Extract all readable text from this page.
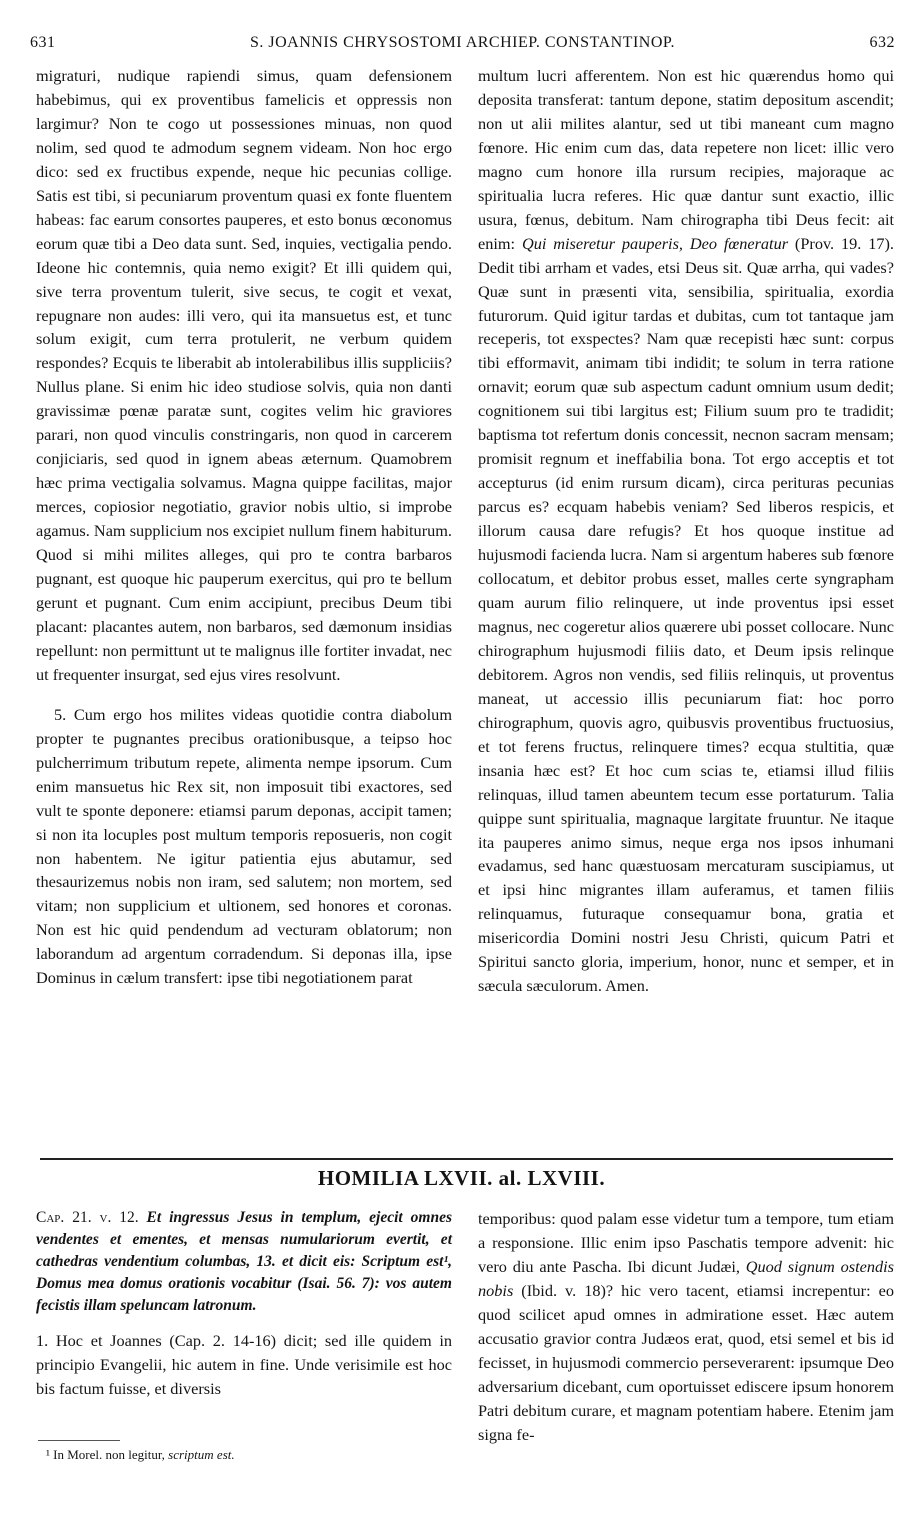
631	S. JOANNIS CHRYSOSTOMI ARCHIEP. CONSTANTINOP.	632

migraturi, nudique rapiendi simus, quam defensionem habebimus, qui ex proventibus famelicis et oppressis non largimur? Non te cogo ut possessiones minuas, non quod nolim, sed quod te admodum segnem videam. Non hoc ergo dico: sed ex fructibus expende, neque hic pecunias collige. Satis est tibi, si pecuniarum proventum quasi ex fonte fluentem habeas: fac earum consortes pauperes, et esto bonus œconomus eorum quæ tibi a Deo data sunt. Sed, inquies, vectigalia pendo. Ideone hic contemnis, quia nemo exigit? Et illi quidem qui, sive terra proventum tulerit, sive secus, te cogit et vexat, repugnare non audes: illi vero, qui ita mansuetus est, et tunc solum exigit, cum terra protulerit, ne verbum quidem respondes? Ecquis te liberabit ab intolerabilibus illis suppliciis? Nullus plane. Si enim hic ideo studiose solvis, quia non danti gravissimæ pœnæ paratæ sunt, cogites velim hic graviores parari, non quod vinculis constringaris, non quod in carcerem conjiciaris, sed quod in ignem abeas æternum. Quamobrem hæc prima vectigalia solvamus. Magna quippe facilitas, major merces, copiosior negotiatio, gravior nobis ultio, si improbe agamus. Nam supplicium nos excipiet nullum finem habiturum. Quod si mihi milites alleges, qui pro te contra barbaros pugnant, est quoque hic pauperum exercitus, qui pro te bellum gerunt et pugnant. Cum enim accipiunt, precibus Deum tibi placant: placantes autem, non barbaros, sed dæmonum insidias repellunt: non permittunt ut te malignus ille fortiter invadat, nec ut frequenter insurgat, sed ejus vires resolvunt.

5. Cum ergo hos milites videas quotidie contra diabolum propter te pugnantes precibus orationibusque, a teipso hoc pulcherrimum tributum repete, alimenta nempe ipsorum. Cum enim mansuetus hic Rex sit, non imposuit tibi exactores, sed vult te sponte deponere: etiamsi parum deponas, accipit tamen; si non ita locuples post multum temporis reposueris, non cogit non habentem. Ne igitur patientia ejus abutamur, sed thesaurizemus nobis non iram, sed salutem; non mortem, sed vitam; non supplicium et ultionem, sed honores et coronas. Non est hic quid pendendum ad vecturam oblatorum; non laborandum ad argentum corradendum. Si deponas illa, ipse Dominus in cælum transfert: ipse tibi negotiationem parat

multum lucri afferentem. Non est hic quærendus homo qui deposita transferat: tantum depone, statim depositum ascendit; non ut alii milites alantur, sed ut tibi maneant cum magno fœnore. Hic enim cum das, data repetere non licet: illic vero magno cum honore illa rursum recipies, majoraque ac spiritualia lucra referes. Hic quæ dantur sunt exactio, illic usura, fœnus, debitum. Nam chirographa tibi Deus fecit: ait enim: Qui miseretur pauperis, Deo fœneratur (Prov. 19. 17). Dedit tibi arrham et vades, etsi Deus sit. Quæ arrha, qui vades? Quæ sunt in præsenti vita, sensibilia, spiritualia, exordia futurorum. Quid igitur tardas et dubitas, cum tot tantaque jam receperis, tot exspectes? Nam quæ recepisti hæc sunt: corpus tibi efformavit, animam tibi indidit; te solum in terra ratione ornavit; eorum quæ sub aspectum cadunt omnium usum dedit; cognitionem sui tibi largitus est; Filium suum pro te tradidit; baptisma tot refertum donis concessit, necnon sacram mensam; promisit regnum et ineffabilia bona. Tot ergo acceptis et tot accepturus (id enim rursum dicam), circa perituras pecunias parcus es? ecquam habebis veniam? Sed liberos respicis, et illorum causa dare refugis? Et hos quoque institue ad hujusmodi facienda lucra. Nam si argentum haberes sub fœnore collocatum, et debitor probus esset, malles certe syngrapham quam aurum filio relinquere, ut inde proventus ipsi esset magnus, nec cogeretur alios quærere ubi posset collocare. Nunc chirographum hujusmodi filiis dato, et Deum ipsis relinque debitorem. Agros non vendis, sed filiis relinquis, ut proventus maneat, ut accessio illis pecuniarum fiat: hoc porro chirographum, quovis agro, quibusvis proventibus fructuosius, et tot ferens fructus, relinquere times? ecqua stultitia, quæ insania hæc est? Et hoc cum scias te, etiamsi illud filiis relinquas, illud tamen abeuntem tecum esse portaturum. Talia quippe sunt spiritualia, magnaque largitate fruuntur. Ne itaque ita pauperes animo simus, neque erga nos ipsos inhumani evadamus, sed hanc quæstuosam mercaturam suscipiamus, ut et ipsi hinc migrantes illam auferamus, et tamen filiis relinquamus, futuraque consequamur bona, gratia et misericordia Domini nostri Jesu Christi, quicum Patri et Spiritui sancto gloria, imperium, honor, nunc et semper, et in sæcula sæculorum. Amen.

HOMILIA LXVII. al. LXVIII.

Cap. 21. v. 12. Et ingressus Jesus in templum, ejecit omnes vendentes et ementes, et mensas numulariorum evertit, et cathedras vendentium columbas, 13. et dicit eis: Scriptum est¹, Domus mea domus orationis vocabitur (Isai. 56. 7): vos autem fecistis illam speluncam latronum.

1. Hoc et Joannes (Cap. 2. 14-16) dicit; sed ille quidem in principio Evangelii, hic autem in fine. Unde verisimile est hoc bis factum fuisse, et diversis

temporibus: quod palam esse videtur tum a tempore, tum etiam a responsione. Illic enim ipso Paschatis tempore advenit: hic vero diu ante Pascha. Ibi dicunt Judæi, Quod signum ostendis nobis (Ibid. v. 18)? hic vero tacent, etiamsi increpentur: eo quod scilicet apud omnes in admiratione esset. Hæc autem accusatio gravior contra Judæos erat, quod, etsi semel et bis id fecisset, in hujusmodi commercio perseverarent: ipsumque Deo adversarium dicebant, cum oportuisset ediscere ipsum honorem Patri debitum curare, et magnam potentiam habere. Etenim jam signa fe-

¹ In Morel. non legitur, scriptum est.
